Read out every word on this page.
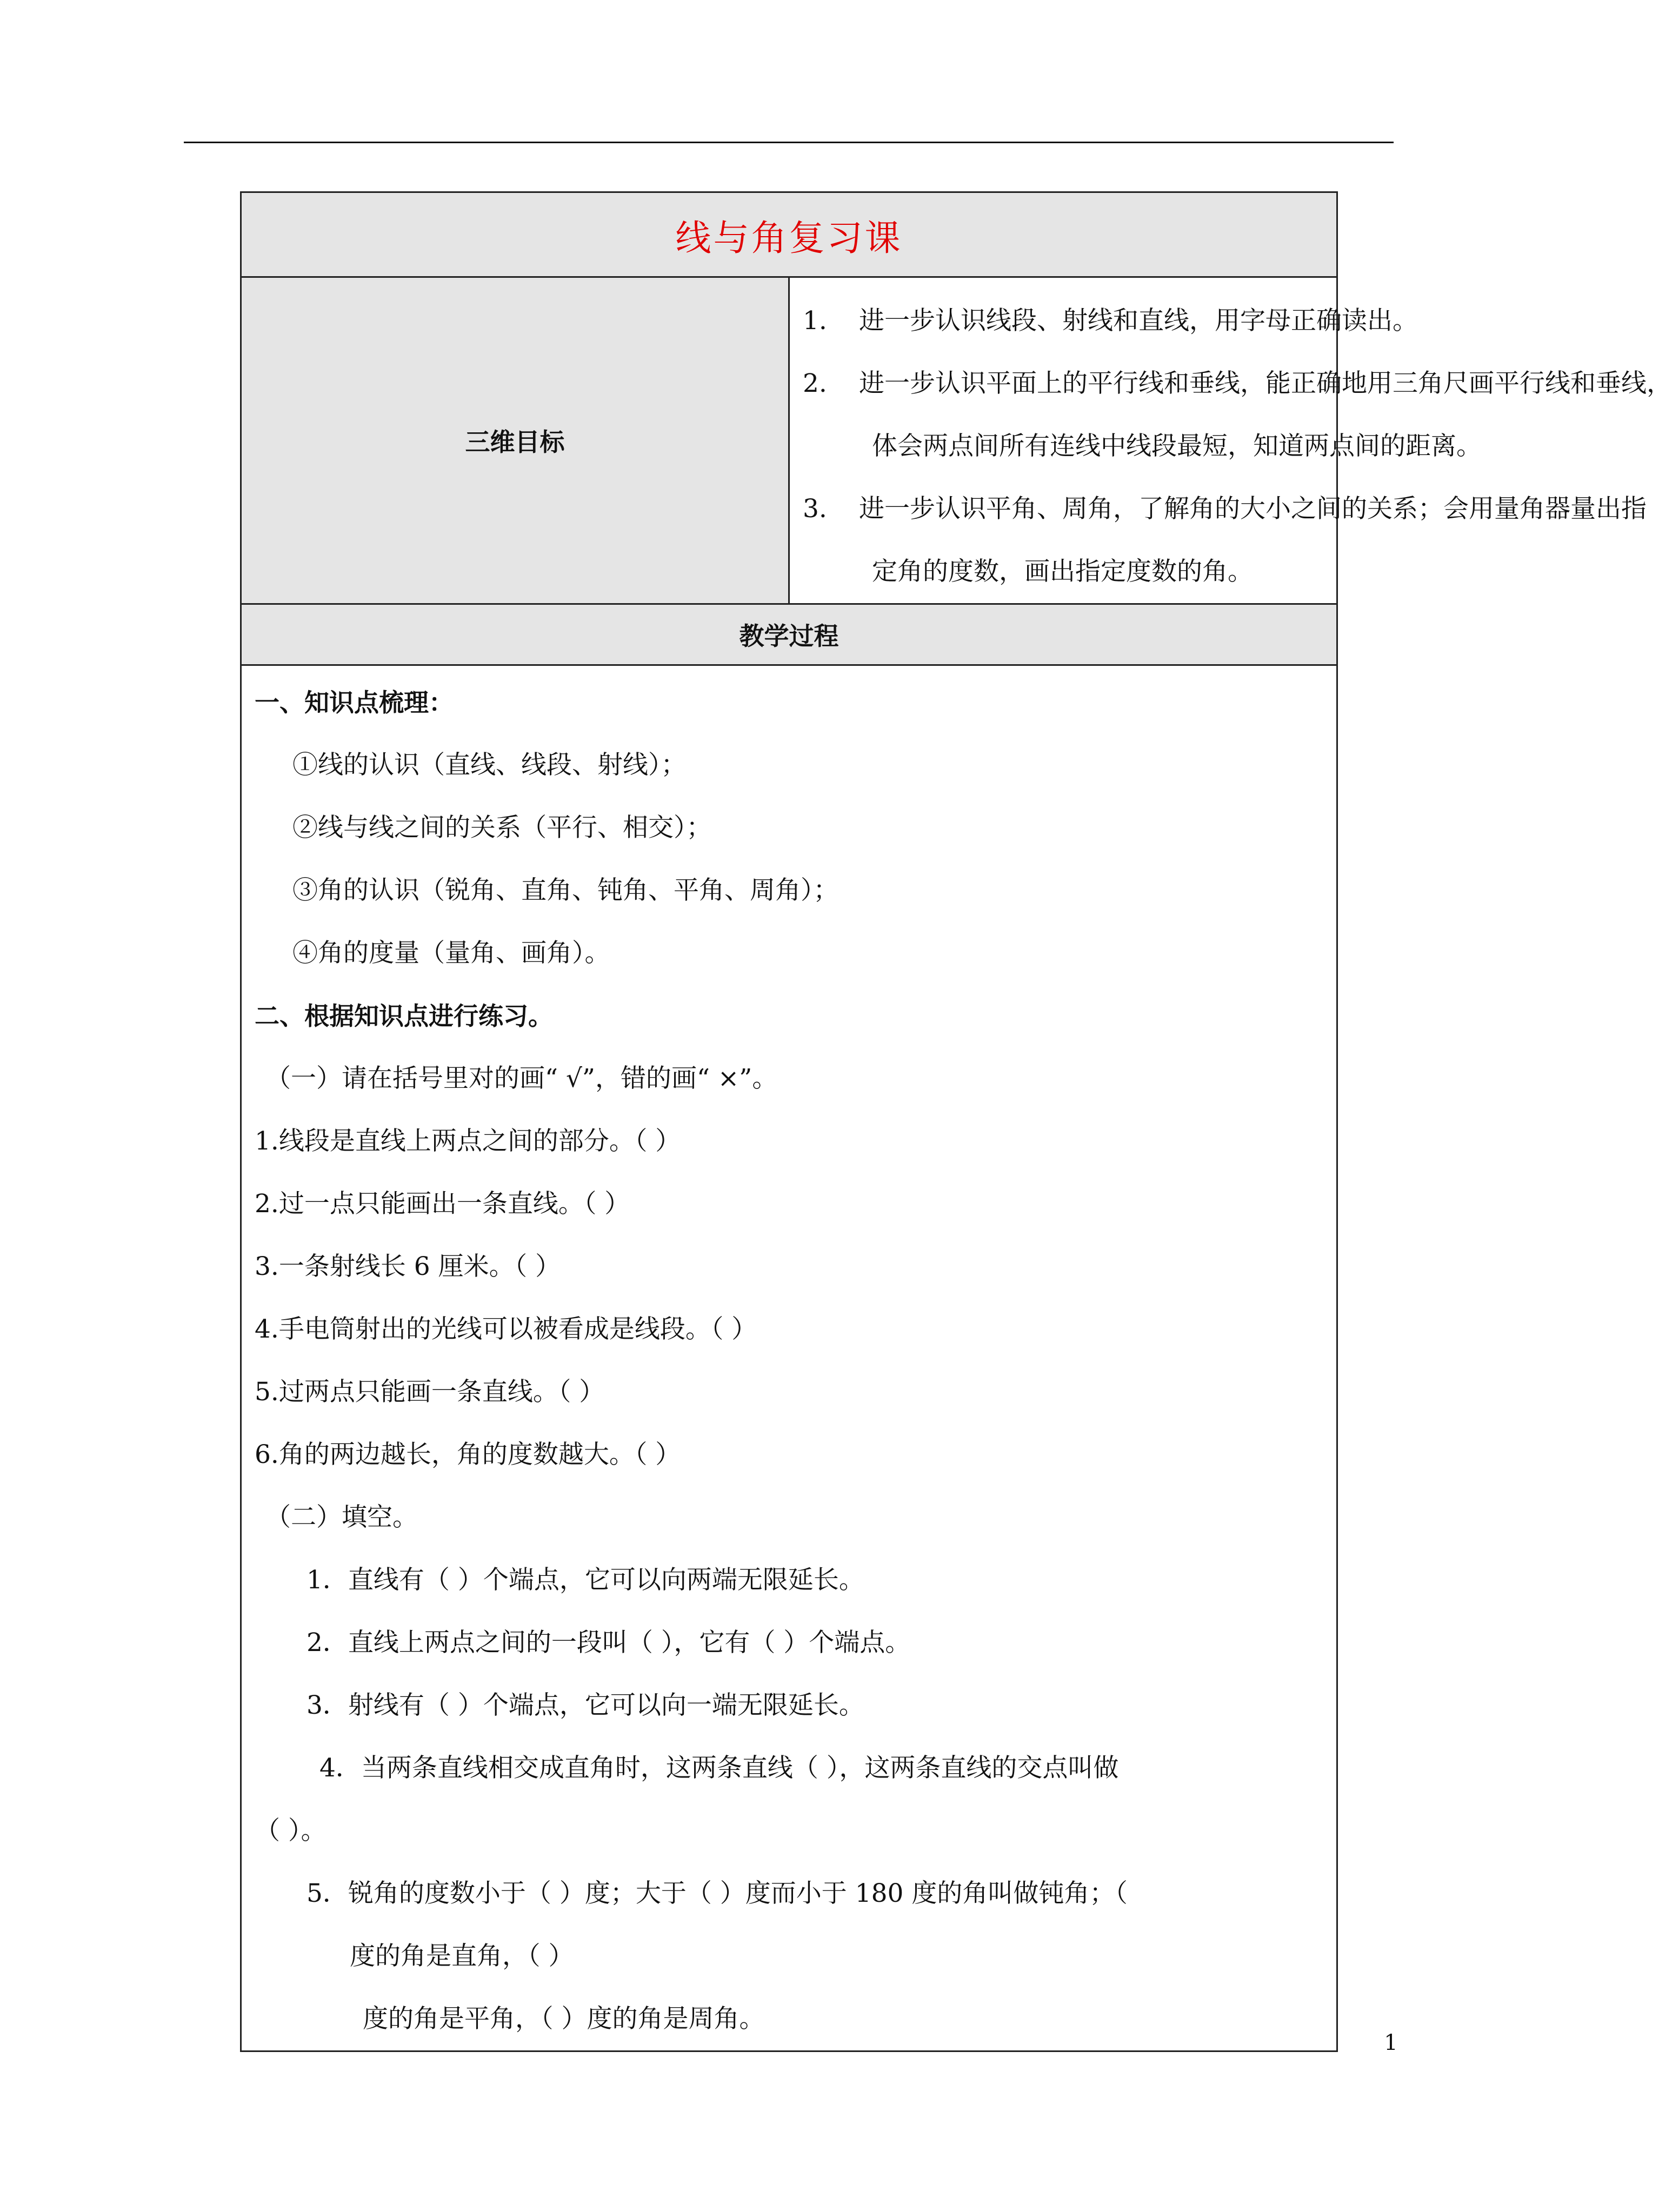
线与角复习课
三维目标	
1.	进一步认识线段、射线和直线，用字母正确读出。
2.	进一步认识平面上的平行线和垂线，能正确地用三角尺画平行线和垂线，
体会两点间所有连线中线段最短，知道两点间的距离。
3.	进一步认识平角、周角，了解角的大小之间的关系；会用量角器量出指
定角的度数，画出指定度数的角。

教学过程

一、知识点梳理：
①线的认识（直线、线段、射线）；
②线与线之间的关系（平行、相交）；
③角的认识（锐角、直角、钝角、平角、周角）；
④角的度量（量角、画角）。
二、根据知识点进行练习。
（一）请在括号里对的画“ √”，错的画“ ×”。
1.线段是直线上两点之间的部分。（ ）
2.过一点只能画出一条直线。（ ）
3.一条射线长 6 厘米。（ ）
4.手电筒射出的光线可以被看成是线段。（ ）
5.过两点只能画一条直线。（ ）
6.角的两边越长，角的度数越大。（ ）
（二）填空。
1．直线有（ ）个端点，它可以向两端无限延长。
2．直线上两点之间的一段叫（ ），它有（ ）个端点。
3．射线有（ ）个端点，它可以向一端无限延长。
4．当两条直线相交成直角时，这两条直线（ ），这两条直线的交点叫做
（ ）。
5．锐角的度数小于（ ）度；大于（ ）度而小于 180 度的角叫做钝角；（
度的角是直角，（ ）
度的角是平角，（ ）度的角是周角。
1
